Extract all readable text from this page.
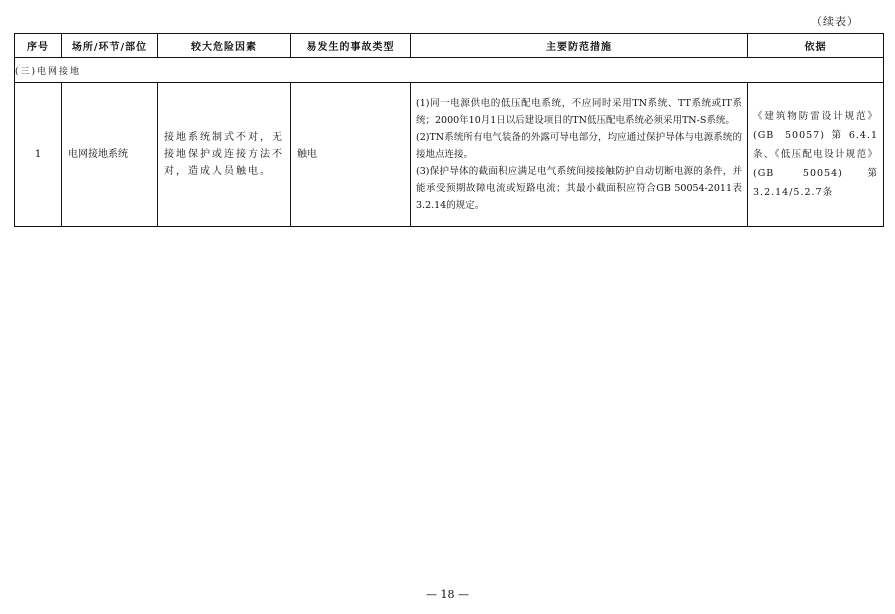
（续表）
序号	场所/环节/部位	较大危险因素	易发生的事故类型	主要防范措施	依据
(三)电网接地					
1	电网接地系统	接地系统制式不对，无接地保护或连接方法不对，造成人员触电。	触电	(1)同一电源供电的低压配电系统，不应同时采用TN系统、TT系统或IT系统；2000年10月1日以后建设项目的TN低压配电系统必须采用TN-S系统。
(2)TN系统所有电气装备的外露可导电部分，均应通过保护导体与电源系统的接地点连接。
(3)保护导体的截面积应满足电气系统间接接触防护自动切断电源的条件，并能承受预期故障电流或短路电流；其最小截面积应符合GB 50054-2011表3.2.14的规定。	《建筑物防雷设计规范》(GB 50057)第6.4.1条、《低压配电设计规范》(GB 50054)第3.2.14/5.2.7条
— 18 —
